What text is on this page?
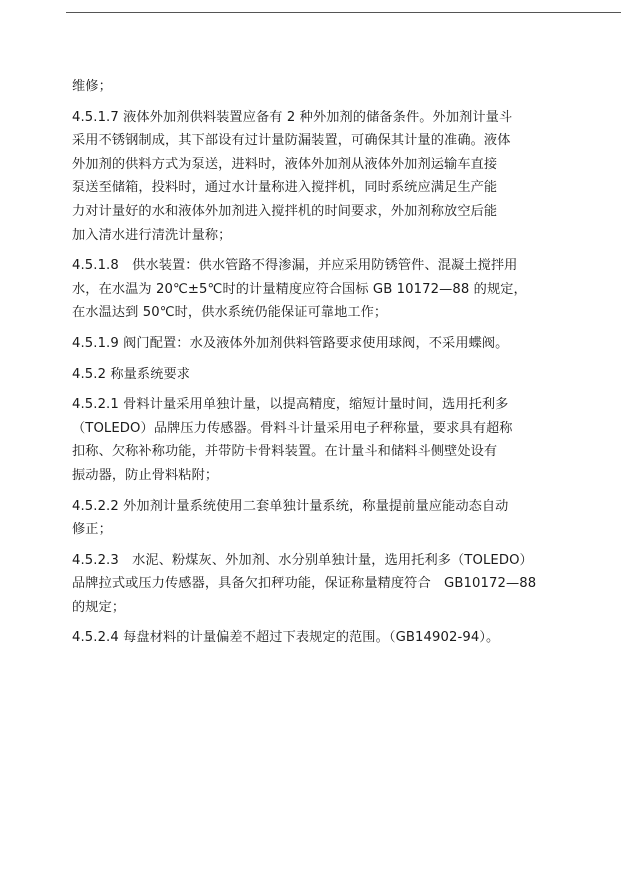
维修；

4.5.1.7 液体外加剂供料装置应备有 2 种外加剂的储备条件。外加剂计量斗
采用不锈钢制成，其下部设有过计量防漏装置，可确保其计量的准确。液体
外加剂的供料方式为泵送，进料时，液体外加剂从液体外加剂运输车直接
泵送至储箱，投料时，通过水计量称进入搅拌机，同时系统应满足生产能
力对计量好的水和液体外加剂进入搅拌机的时间要求，外加剂称放空后能
加入清水进行清洗计量称；

4.5.1.8　供水装置：供水管路不得渗漏，并应采用防锈管件、混凝土搅拌用
水，在水温为 20℃±5℃时的计量精度应符合国标 GB 10172—88 的规定，
在水温达到 50℃时，供水系统仍能保证可靠地工作；

4.5.1.9 阀门配置：水及液体外加剂供料管路要求使用球阀，不采用蝶阀。

4.5.2 称量系统要求

4.5.2.1 骨料计量采用单独计量，以提高精度，缩短计量时间，选用托利多
（TOLEDO）品牌压力传感器。骨料斗计量采用电子秤称量，要求具有超称
扣称、欠称补称功能，并带防卡骨料装置。在计量斗和储料斗侧壁处设有
振动器，防止骨料粘附；

4.5.2.2 外加剂计量系统使用二套单独计量系统，称量提前量应能动态自动
修正；

4.5.2.3　水泥、粉煤灰、外加剂、水分别单独计量，选用托利多（TOLEDO）
品牌拉式或压力传感器，具备欠扣秤功能，保证称量精度符合　GB10172—88
的规定；

4.5.2.4 每盘材料的计量偏差不超过下表规定的范围。（GB14902-94）。
